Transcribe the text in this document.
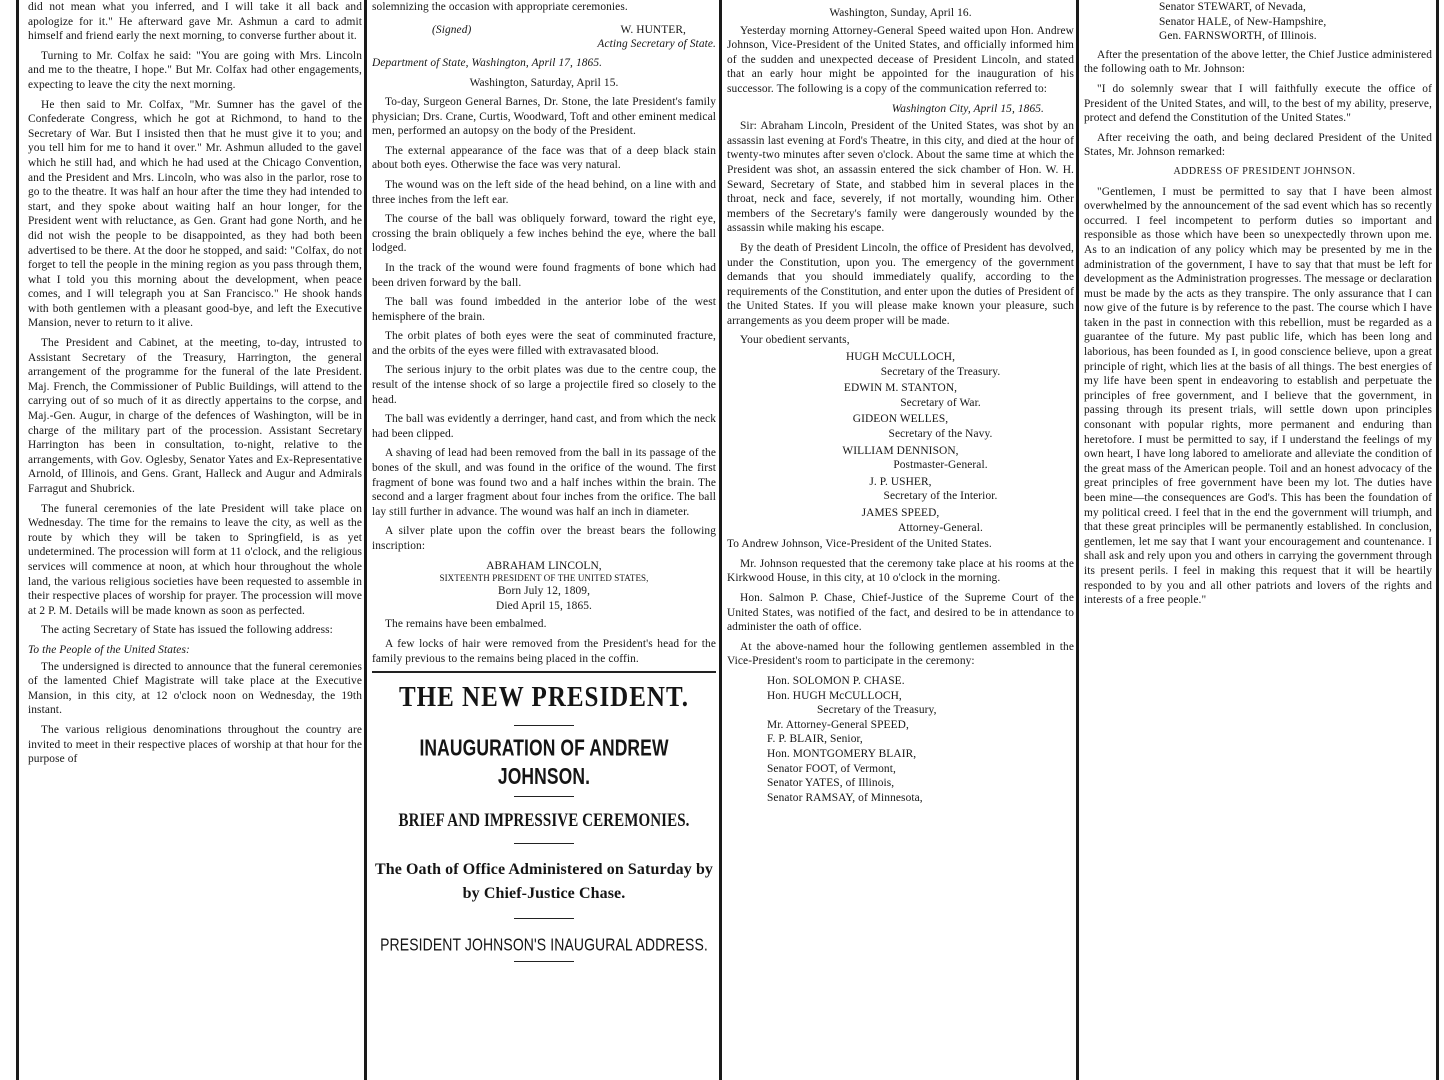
did not mean what you inferred, and I will take it all back and apologize for it." He afterward gave Mr. Ashmun a card to admit himself and friend early the next morning, to converse further about it.

Turning to Mr. Colfax he said: "You are going with Mrs. Lincoln and me to the theatre, I hope." But Mr. Colfax had other engagements, expecting to leave the city the next morning.

He then said to Mr. Colfax, "Mr. Sumner has the gavel of the Confederate Congress, which he got at Richmond, to hand to the Secretary of War. But I insisted then that he must give it to you; and you tell him for me to hand it over." Mr. Ashmun alluded to the gavel which he still had, and which he had used at the Chicago Convention, and the President and Mrs. Lincoln, who was also in the parlor, rose to go to the theatre. It was half an hour after the time they had intended to start, and they spoke about waiting half an hour longer, for the President went with reluctance, as Gen. Grant had gone North, and he did not wish the people to be disappointed, as they had both been advertised to be there. At the door he stopped, and said: "Colfax, do not forget to tell the people in the mining region as you pass through them, what I told you this morning about the development, when peace comes, and I will telegraph you at San Francisco." He shook hands with both gentlemen with a pleasant good-bye, and left the Executive Mansion, never to return to it alive.

The President and Cabinet, at the meeting, to-day, intrusted to Assistant Secretary of the Treasury, Harrington, the general arrangement of the programme for the funeral of the late President. Maj. French, the Commissioner of Public Buildings, will attend to the carrying out of so much of it as directly appertains to the corpse, and Maj.-Gen. Augur, in charge of the defences of Washington, will be in charge of the military part of the procession. Assistant Secretary Harrington has been in consultation, to-night, relative to the arrangements, with Gov. Oglesby, Senator Yates and Ex-Representative Arnold, of Illinois, and Gens. Grant, Halleck and Augur and Admirals Farragut and Shubrick.

The funeral ceremonies of the late President will take place on Wednesday. The time for the remains to leave the city, as well as the route by which they will be taken to Springfield, is as yet undetermined. The procession will form at 11 o'clock, and the religious services will commence at noon, at which hour throughout the whole land, the various religious societies have been requested to assemble in their respective places of worship for prayer. The procession will move at 2 P. M. Details will be made known as soon as perfected.

The acting Secretary of State has issued the following address:

To the People of the United States:

The undersigned is directed to announce that the funeral ceremonies of the lamented Chief Magistrate will take place at the Executive Mansion, in this city, at 12 o'clock noon on Wednesday, the 19th instant.

The various religious denominations throughout the country are invited to meet in their respective places of worship at that hour for the purpose of

solemnizing the occasion with appropriate ceremonies.

(Signed)	W. HUNTER,

Acting Secretary of State.

Department of State, Washington, April 17, 1865.

Washington, Saturday, April 15.

To-day, Surgeon General Barnes, Dr. Stone, the late President's family physician; Drs. Crane, Curtis, Woodward, Toft and other eminent medical men, performed an autopsy on the body of the President.

The external appearance of the face was that of a deep black stain about both eyes. Otherwise the face was very natural.

The wound was on the left side of the head behind, on a line with and three inches from the left ear.

The course of the ball was obliquely forward, toward the right eye, crossing the brain obliquely a few inches behind the eye, where the ball lodged.

In the track of the wound were found fragments of bone which had been driven forward by the ball.

The ball was found imbedded in the anterior lobe of the west hemisphere of the brain.

The orbit plates of both eyes were the seat of comminuted fracture, and the orbits of the eyes were filled with extravasated blood.

The serious injury to the orbit plates was due to the centre coup, the result of the intense shock of so large a projectile fired so closely to the head.

The ball was evidently a derringer, hand cast, and from which the neck had been clipped.

A shaving of lead had been removed from the ball in its passage of the bones of the skull, and was found in the orifice of the wound. The first fragment of bone was found two and a half inches within the brain. The second and a larger fragment about four inches from the orifice. The ball lay still further in advance. The wound was half an inch in diameter.

A silver plate upon the coffin over the breast bears the following inscription:

ABRAHAM LINCOLN,

SIXTEENTH PRESIDENT OF THE UNITED STATES,

Born July 12, 1809,

Died April 15, 1865.

The remains have been embalmed.

A few locks of hair were removed from the President's head for the family previous to the remains being placed in the coffin.

THE NEW PRESIDENT.
INAUGURATION OF ANDREW JOHNSON.
BRIEF AND IMPRESSIVE CEREMONIES.
The Oath of Office Administered on Saturday by by Chief-Justice Chase.
PRESIDENT JOHNSON'S INAUGURAL ADDRESS.

Washington, Sunday, April 16.

Yesterday morning Attorney-General Speed waited upon Hon. Andrew Johnson, Vice-President of the United States, and officially informed him of the sudden and unexpected decease of President Lincoln, and stated that an early hour might be appointed for the inauguration of his successor. The following is a copy of the communication referred to:

Washington City, April 15, 1865.

Sir: Abraham Lincoln, President of the United States, was shot by an assassin last evening at Ford's Theatre, in this city, and died at the hour of twenty-two minutes after seven o'clock. About the same time at which the President was shot, an assassin entered the sick chamber of Hon. W. H. Seward, Secretary of State, and stabbed him in several places in the throat, neck and face, severely, if not mortally, wounding him. Other members of the Secretary's family were dangerously wounded by the assassin while making his escape.

By the death of President Lincoln, the office of President has devolved, under the Constitution, upon you. The emergency of the government demands that you should immediately qualify, according to the requirements of the Constitution, and enter upon the duties of President of the United States. If you will please make known your pleasure, such arrangements as you deem proper will be made.

Your obedient servants,

HUGH McCULLOCH,

Secretary of the Treasury.

EDWIN M. STANTON,

Secretary of War.

GIDEON WELLES,

Secretary of the Navy.

WILLIAM DENNISON,

Postmaster-General.

J. P. USHER,

Secretary of the Interior.

JAMES SPEED,

Attorney-General.

To Andrew Johnson, Vice-President of the United States.

Mr. Johnson requested that the ceremony take place at his rooms at the Kirkwood House, in this city, at 10 o'clock in the morning.

Hon. Salmon P. Chase, Chief-Justice of the Supreme Court of the United States, was notified of the fact, and desired to be in attendance to administer the oath of office.

At the above-named hour the following gentlemen assembled in the Vice-President's room to participate in the ceremony:

Hon. SOLOMON P. CHASE.

Hon. HUGH McCULLOCH,

Secretary of the Treasury,

Mr. Attorney-General SPEED,

F. P. BLAIR, Senior,

Hon. MONTGOMERY BLAIR,

Senator FOOT, of Vermont,

Senator YATES, of Illinois,

Senator RAMSAY, of Minnesota,

Senator STEWART, of Nevada,

Senator HALE, of New-Hampshire,

Gen. FARNSWORTH, of Illinois.

After the presentation of the above letter, the Chief Justice administered the following oath to Mr. Johnson:

"I do solemnly swear that I will faithfully execute the office of President of the United States, and will, to the best of my ability, preserve, protect and defend the Constitution of the United States."

After receiving the oath, and being declared President of the United States, Mr. Johnson remarked:

ADDRESS OF PRESIDENT JOHNSON.

"Gentlemen, I must be permitted to say that I have been almost overwhelmed by the announcement of the sad event which has so recently occurred. I feel incompetent to perform duties so important and responsible as those which have been so unexpectedly thrown upon me. As to an indication of any policy which may be presented by me in the administration of the government, I have to say that that must be left for development as the Administration progresses. The message or declaration must be made by the acts as they transpire. The only assurance that I can now give of the future is by reference to the past. The course which I have taken in the past in connection with this rebellion, must be regarded as a guarantee of the future. My past public life, which has been long and laborious, has been founded as I, in good conscience believe, upon a great principle of right, which lies at the basis of all things. The best energies of my life have been spent in endeavoring to establish and perpetuate the principles of free government, and I believe that the government, in passing through its present trials, will settle down upon principles consonant with popular rights, more permanent and enduring than heretofore. I must be permitted to say, if I understand the feelings of my own heart, I have long labored to ameliorate and alleviate the condition of the great mass of the American people. Toil and an honest advocacy of the great principles of free government have been my lot. The duties have been mine—the consequences are God's. This has been the foundation of my political creed. I feel that in the end the government will triumph, and that these great principles will be permanently established. In conclusion, gentlemen, let me say that I want your encouragement and countenance. I shall ask and rely upon you and others in carrying the government through its present perils. I feel in making this request that it will be heartily responded to by you and all other patriots and lovers of the rights and interests of a free people."
